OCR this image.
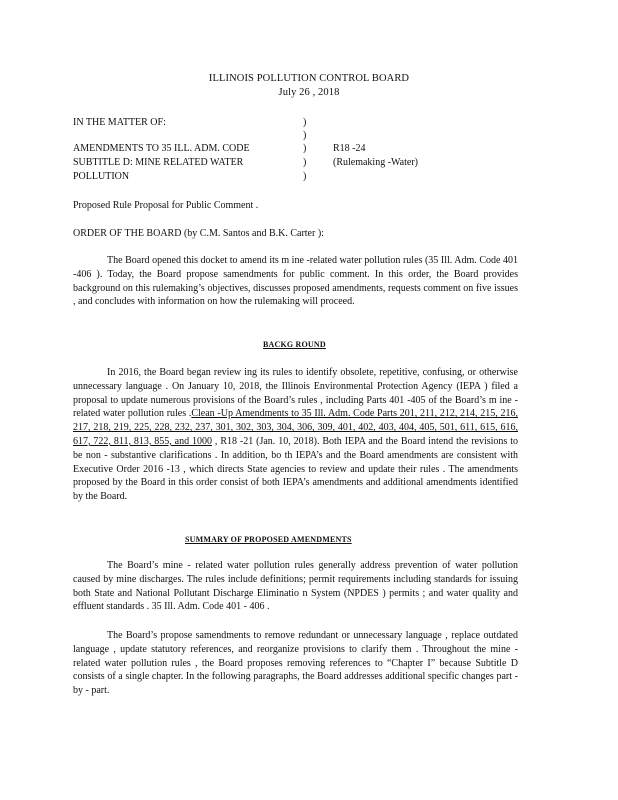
ILLINOIS POLLUTION CONTROL BOARD
July 26 , 2018
IN THE MATTER OF:	)
)
)
)
)
AMENDMENTS TO 35 ILL. ADM. CODE
SUBTITLE D: MINE RELATED WATER
POLLUTION
R18 -24
(Rulemaking -Water)
Proposed Rule Proposal for Public Comment .
ORDER OF THE BOARD (by C.M. Santos and B.K. Carter ):

The Board opened this docket to amend its m ine -related water pollution rules (35 Ill. Adm. Code 401 -406 ). Today, the Board propose samendments for public comment. In this order, the Board provides background on this rulemaking’s objectives, discusses proposed amendments, requests comment on five issues , and concludes with information on how the rulemaking will proceed.

BACKG ROUND

In 2016, the Board began review ing its rules to identify obsolete, repetitive, confusing, or otherwise unnecessary language . On January 10, 2018, the Illinois Environmental Protection Agency (IEPA ) filed a proposal to update numerous provisions of the Board’s rules , including Parts 401 -405 of the Board’s m ine -related water pollution rules .Clean -Up Amendments to 35 Ill. Adm. Code Parts 201, 211, 212, 214, 215, 216, 217, 218, 219, 225, 228, 232, 237, 301, 302, 303, 304, 306, 309, 401, 402, 403, 404, 405, 501, 611, 615, 616, 617, 722, 811, 813, 855, and 1000 , R18 -21 (Jan. 10, 2018). Both IEPA and the Board intend the revisions to be non - substantive clarifications . In addition, bo th IEPA’s and the Board amendments are consistent with Executive Order 2016 -13 , which directs State agencies to review and update their rules . The amendments proposed by the Board in this order consist of both IEPA’s amendments and additional amendments identified by the Board.

SUMMARY OF PROPOSED AMENDMENTS

The Board’s mine - related water pollution rules generally address prevention of water pollution caused by mine discharges. The rules include definitions; permit requirements including standards for issuing both State and National Pollutant Discharge Eliminatio n System (NPDES ) permits ; and water quality and effluent standards . 35 Ill. Adm. Code 401 - 406 .

The Board’s propose samendments to remove redundant or unnecessary language , replace outdated language , update statutory references, and reorganize provisions to clarify them . Throughout the mine -related water pollution rules , the Board proposes removing references to “Chapter I” because Subtitle D consists of a single chapter. In the following paragraphs, the Board addresses additional specific changes part - by - part.
